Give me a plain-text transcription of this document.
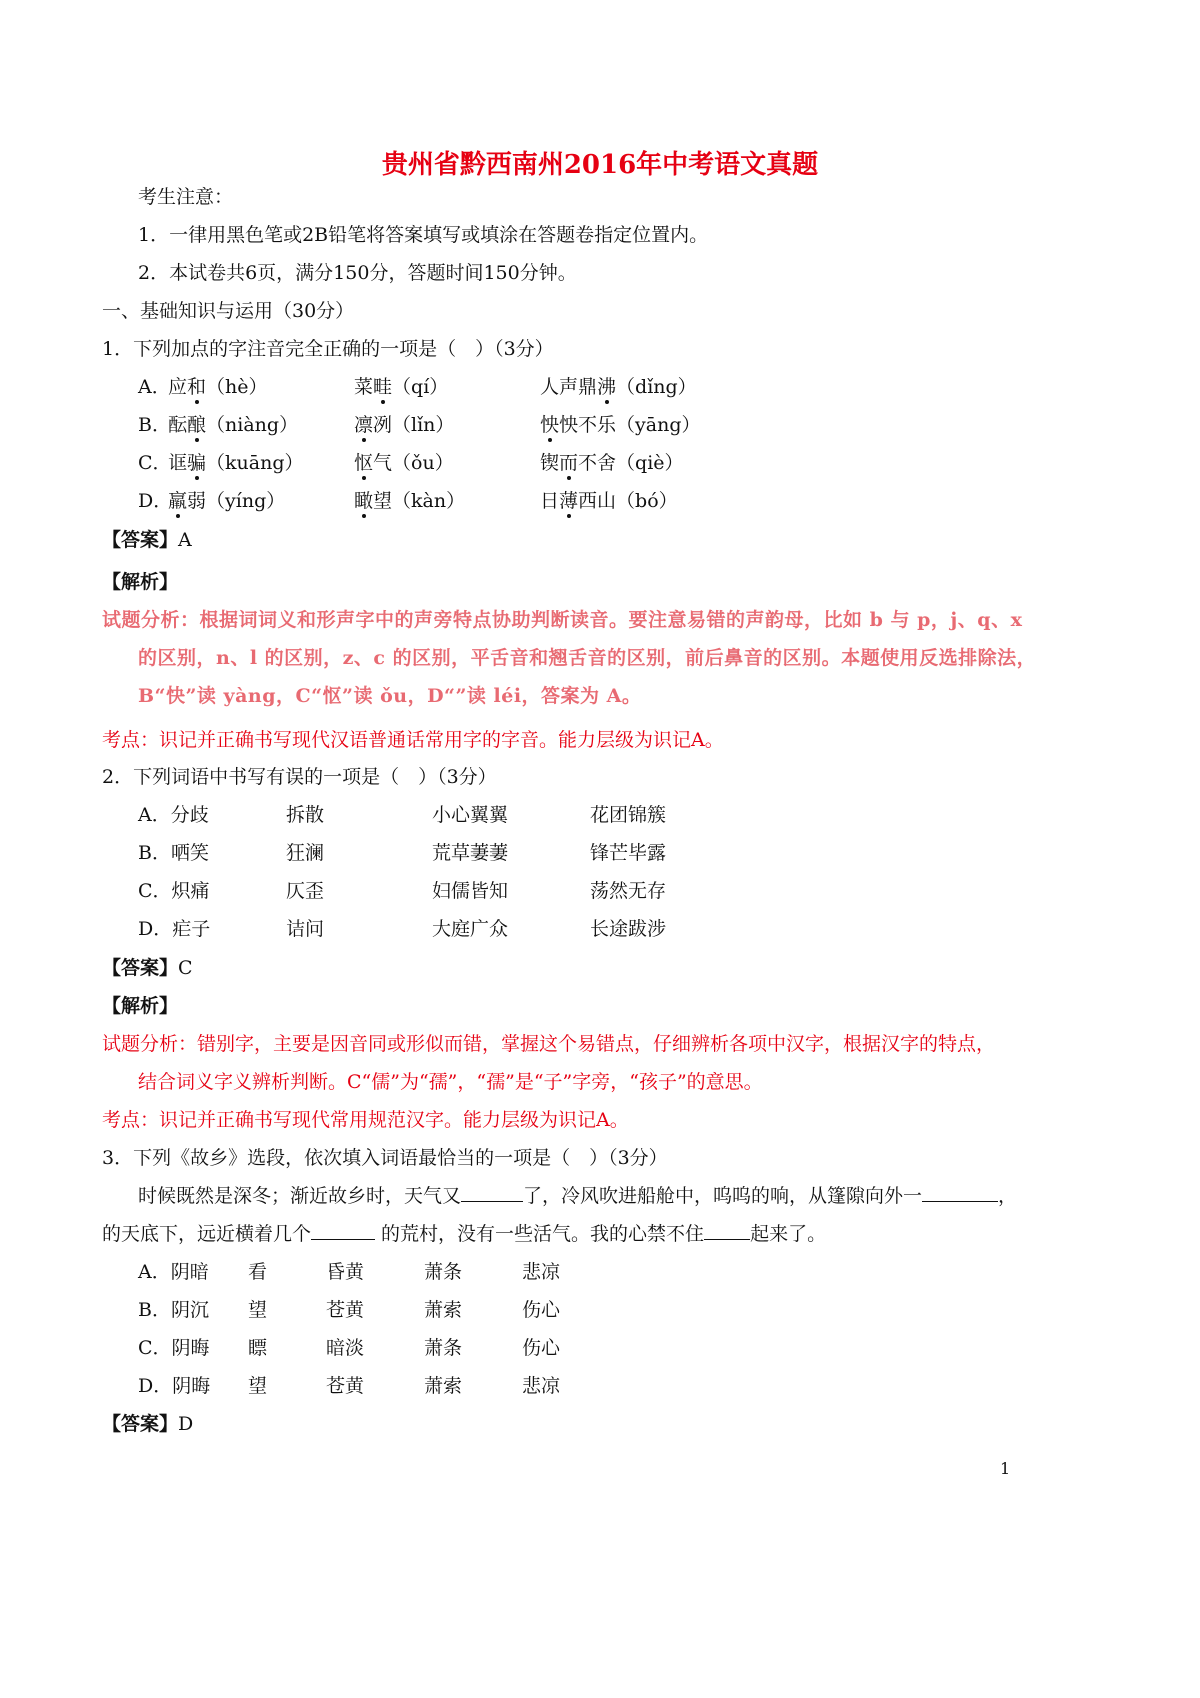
贵州省黔西南州2016年中考语文真题
考生注意：
1．一律用黑色笔或2B铅笔将答案填写或填涂在答题卷指定位置内。
2．本试卷共6页，满分150分，答题时间150分钟。
一、基础知识与运用（30分）
1．下列加点的字注音完全正确的一项是（　）（3分）
A．
应和（hè）	菜畦（qí）	人声鼎沸（dǐng）
B．
酝酿（niàng）	凛冽（lǐn）	怏怏不乐（yāng）
C．
诓骗（kuāng）	怄气（ǒu）	锲而不舍（qiè）
D．
羸弱（yíng）	瞰望（kàn）	日薄西山（bó）
【答案】A
【解析】
试题分析：根据词词义和形声字中的声旁特点协助判断读音。要注意易错的声韵母，比如 b 与 p，j、q、x
的区别，n、l 的区别，z、c 的区别，平舌音和翘舌音的区别，前后鼻音的区别。本题使用反选排除法，
B“快”读 yàng，C“怄”读 ǒu，D“”读 léi，答案为 A。
考点：识记并正确书写现代汉语普通话常用字的字音。能力层级为识记A。
2．下列词语中书写有误的一项是（　）（3分）
A．分歧	拆散	小心翼翼	花团锦簇
B．哂笑	狂澜	荒草萋萋	锋芒毕露
C．炽痛	仄歪	妇儒皆知	荡然无存
D．疟子	诘问	大庭广众	长途跋涉
【答案】C
【解析】
试题分析：错别字，主要是因音同或形似而错，掌握这个易错点，仔细辨析各项中汉字，根据汉字的特点，
结合词义字义辨析判断。C“儒”为“孺”，“孺”是“子”字旁，“孩子”的意思。
考点：识记并正确书写现代常用规范汉字。能力层级为识记A。
3．下列《故乡》选段，依次填入词语最恰当的一项是（　）（3分）
时候既然是深冬；渐近故乡时，天气又	了，冷风吹进船舱中，呜呜的响，从篷隙向外一	，
的天底下，远近横着几个	的荒村，没有一些活气。我的心禁不住 起来了。
A．阴暗 看	昏黄	萧条	悲凉
B．阴沉 望	苍黄	萧索	伤心
C．阴晦 瞟	暗淡	萧条	伤心
D．阴晦 望	苍黄	萧索	悲凉
【答案】D
1
